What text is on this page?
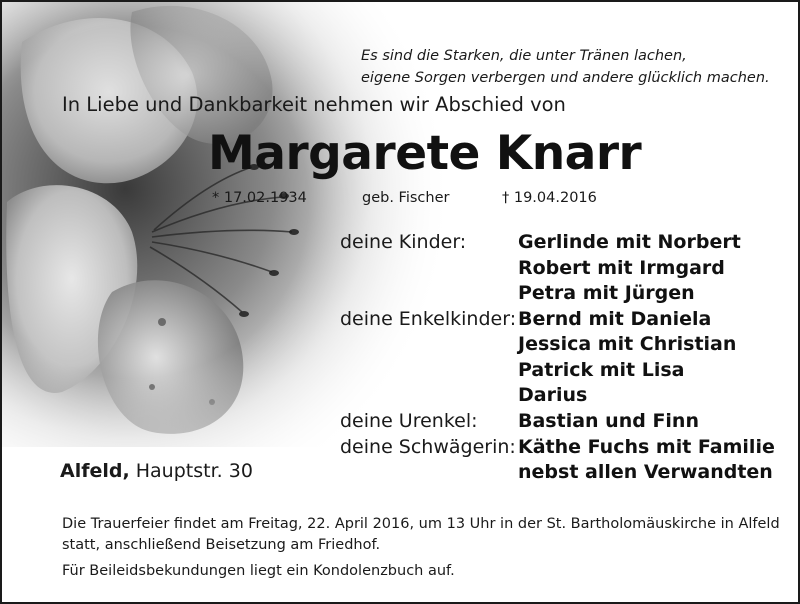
Es sind die Starken, die unter Tränen lachen,
eigene Sorgen verbergen und andere glücklich machen.
In Liebe und Dankbarkeit nehmen wir Abschied von
Margarete Knarr
* 17.02.1934	geb. Fischer	† 19.04.2016
deine Kinder:
deine Enkelkinder:
deine Urenkel:
deine Schwägerin:
Gerlinde mit Norbert
Robert mit Irmgard
Petra mit Jürgen
Bernd mit Daniela
Jessica mit Christian
Patrick mit Lisa
Darius
Bastian und Finn
Käthe Fuchs mit Familie
nebst allen Verwandten
Alfeld, Hauptstr. 30
Die Trauerfeier findet am Freitag, 22. April 2016, um 13 Uhr in der St. Bartholomäuskirche in Alfeld
statt, anschließend Beisetzung am Friedhof.
Für Beileidsbekundungen liegt ein Kondolenzbuch auf.
